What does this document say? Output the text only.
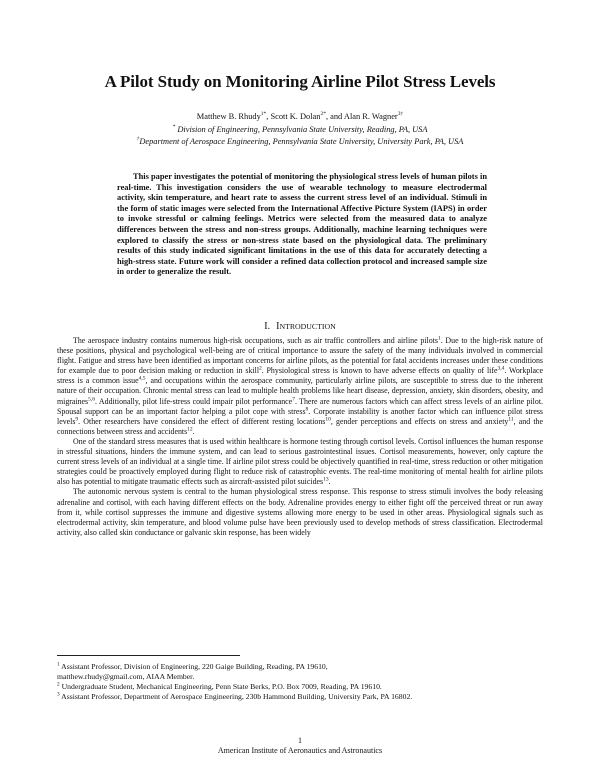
A Pilot Study on Monitoring Airline Pilot Stress Levels
Matthew B. Rhudy$^{1*}$, Scott K. Dolan$^{2*}$, and Alan R. Wagner$^{3\dagger}$
* Division of Engineering, Pennsylvania State University, Reading, PA, USA
†Department of Aerospace Engineering, Pennsylvania State University, University Park, PA, USA

This paper investigates the potential of monitoring the physiological stress levels of human pilots in real-time. This investigation considers the use of wearable technology to measure electrodermal activity, skin temperature, and heart rate to assess the current stress level of an individual. Stimuli in the form of static images were selected from the International Affective Picture System (IAPS) in order to invoke stressful or calming feelings. Metrics were selected from the measured data to analyze differences between the stress and non-stress groups. Additionally, machine learning techniques were explored to classify the stress or non-stress state based on the physiological data. The preliminary results of this study indicated significant limitations in the use of this data for accurately detecting a high-stress state. Future work will consider a refined data collection protocol and increased sample size in order to generalize the result.

I. INTRODUCTION

The aerospace industry contains numerous high-risk occupations, such as air traffic controllers and airline pilots$^1$. Due to the high-risk nature of these positions, physical and psychological well-being are of critical importance to assure the safety of the many individuals involved in commercial flight. Fatigue and stress have been identified as important concerns for airline pilots, as the potential for fatal accidents increases under these conditions for example due to poor decision making or reduction in skill$^2$. Physiological stress is known to have adverse effects on quality of life$^{3,4}$. Workplace stress is a common issue$^{4,5}$, and occupations within the aerospace community, particularly airline pilots, are susceptible to stress due to the inherent nature of their occupation. Chronic mental stress can lead to multiple health problems like heart disease, depression, anxiety, skin disorders, obesity, and migraines$^{5,6}$. Additionally, pilot life-stress could impair pilot performance$^7$. There are numerous factors which can affect stress levels of an airline pilot. Spousal support can be an important factor helping a pilot cope with stress$^8$. Corporate instability is another factor which can influence pilot stress levels$^9$. Other researchers have considered the effect of different resting locations$^{10}$, gender perceptions and effects on stress and anxiety$^{11}$, and the connections between stress and accidents$^{12}$.

One of the standard stress measures that is used within healthcare is hormone testing through cortisol levels. Cortisol influences the human response in stressful situations, hinders the immune system, and can lead to serious gastrointestinal issues. Cortisol measurements, however, only capture the current stress levels of an individual at a single time. If airline pilot stress could be objectively quantified in real-time, stress reduction or other mitigation strategies could be proactively employed during flight to reduce risk of catastrophic events. The real-time monitoring of mental health for airline pilots also has potential to mitigate traumatic effects such as aircraft-assisted pilot suicides$^{13}$.

The autonomic nervous system is central to the human physiological stress response. This response to stress stimuli involves the body releasing adrenaline and cortisol, with each having different effects on the body. Adrenaline provides energy to either fight off the perceived threat or run away from it, while cortisol suppresses the immune and digestive systems allowing more energy to be used in other areas. Physiological signals such as electrodermal activity, skin temperature, and blood volume pulse have been previously used to develop methods of stress classification. Electrodermal activity, also called skin conductance or galvanic skin response, has been widely

$^1$ Assistant Professor, Division of Engineering, 220 Gaige Building, Reading, PA 19610,
matthew.rhudy@gmail.com, AIAA Member.
$^2$ Undergraduate Student, Mechanical Engineering, Penn State Berks, P.O. Box 7009, Reading, PA 19610.
$^3$ Assistant Professor, Department of Aerospace Engineering, 230b Hammond Building, University Park, PA 16802.
1
American Institute of Aeronautics and Astronautics
